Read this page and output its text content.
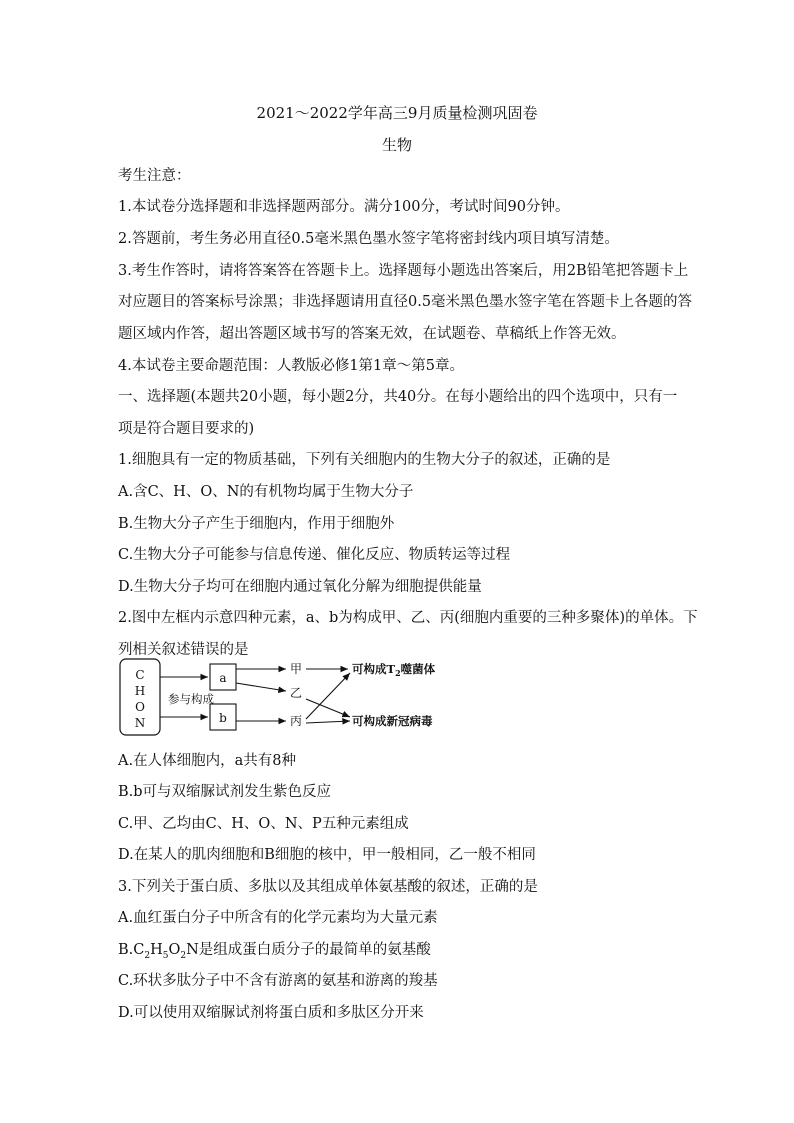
2021～2022学年高三9月质量检测巩固卷
生物
考生注意：
1.本试卷分选择题和非选择题两部分。满分100分，考试时间90分钟。
2.答题前，考生务必用直径0.5毫米黑色墨水签字笔将密封线内项目填写清楚。
3.考生作答时，请将答案答在答题卡上。选择题每小题选出答案后，用2B铅笔把答题卡上
对应题目的答案标号涂黑；非选择题请用直径0.5毫米黑色墨水签字笔在答题卡上各题的答
题区域内作答，超出答题区域书写的答案无效，在试题卷、草稿纸上作答无效。
4.本试卷主要命题范围：人教版必修1第1章～第5章。
一、选择题(本题共20小题，每小题2分，共40分。在每小题给出的四个选项中，只有一
项是符合题目要求的)
1.细胞具有一定的物质基础，下列有关细胞内的生物大分子的叙述，正确的是
A.含C、H、O、N的有机物均属于生物大分子
B.生物大分子产生于细胞内，作用于细胞外
C.生物大分子可能参与信息传递、催化反应、物质转运等过程
D.生物大分子均可在细胞内通过氧化分解为细胞提供能量
2.图中左框内示意四种元素，a、b为构成甲、乙、丙(细胞内重要的三种多聚体)的单体。下
列相关叙述错误的是
C
H
O
N
参与构成
a
b
甲
乙
丙
可构成$T_2$噬菌体
可构成新冠病毒
A.在人体细胞内，a共有8种
B.b可与双缩脲试剂发生紫色反应
C.甲、乙均由C、H、O、N、P五种元素组成
D.在某人的肌肉细胞和B细胞的核中，甲一般相同，乙一般不相同
3.下列关于蛋白质、多肽以及其组成单体氨基酸的叙述，正确的是
A.血红蛋白分子中所含有的化学元素均为大量元素
$B.C_2H_5O_2N$是组成蛋白质分子的最简单的氨基酸
C.环状多肽分子中不含有游离的氨基和游离的羧基
D.可以使用双缩脲试剂将蛋白质和多肽区分开来
